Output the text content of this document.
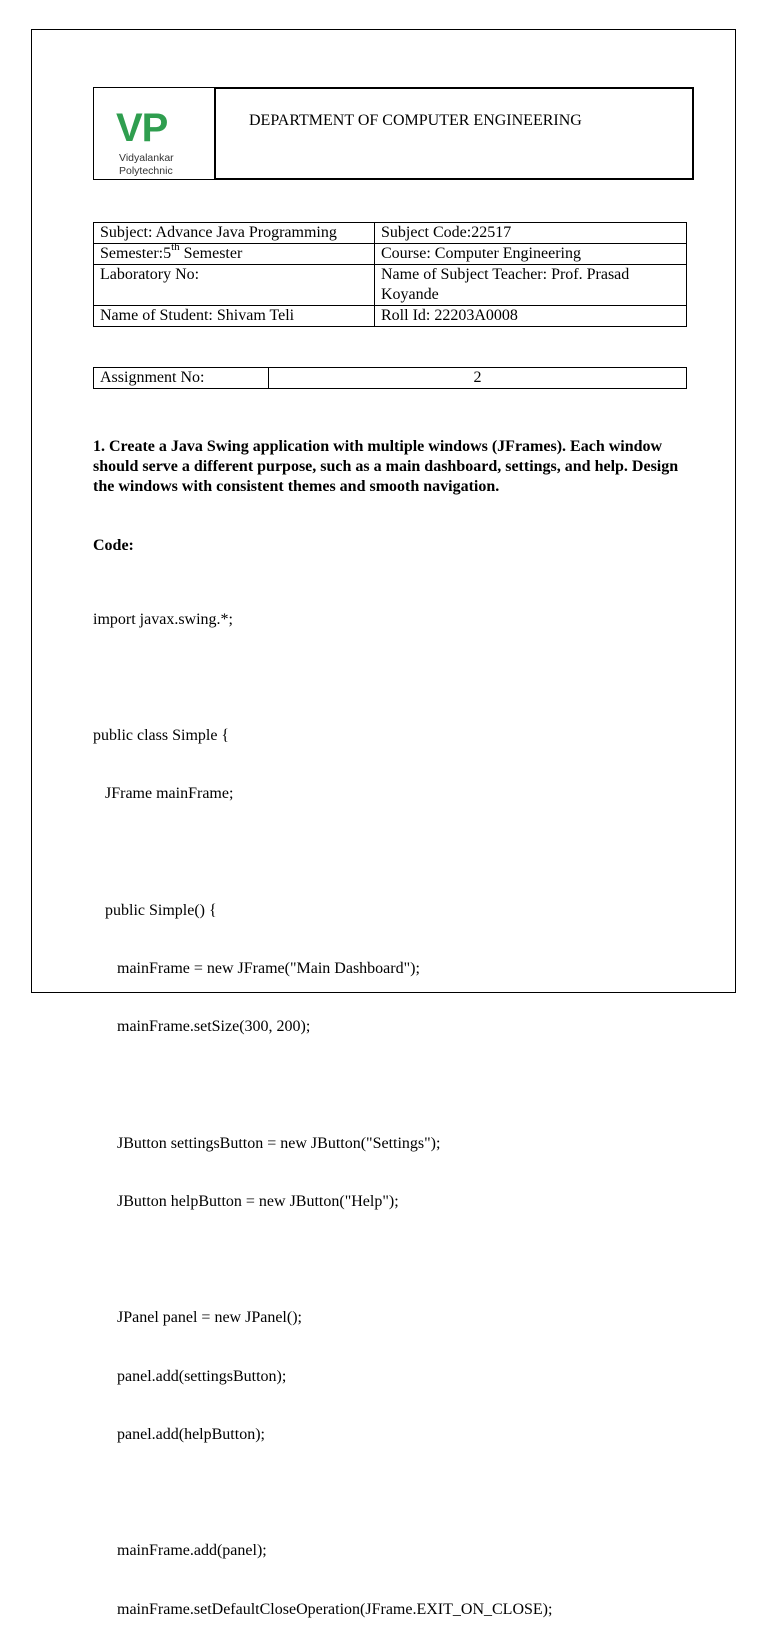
VP
Vidyalankar
Polytechnic
DEPARTMENT OF COMPUTER ENGINEERING
Subject: Advance Java Programming	Subject Code:22517
Semester:5th Semester	Course: Computer Engineering
Laboratory No:	Name of Subject Teacher: Prof. Prasad Koyande
Name of Student: Shivam Teli	Roll Id: 22203A0008
Assignment No:	2
1. Create a Java Swing application with multiple windows (JFrames). Each window should serve a different purpose, such as a main dashboard, settings, and help. Design the windows with consistent themes and smooth navigation.
Code:

import javax.swing.*;

public class Simple {

JFrame mainFrame;

public Simple() {

mainFrame = new JFrame("Main Dashboard");

mainFrame.setSize(300, 200);

JButton settingsButton = new JButton("Settings");

JButton helpButton = new JButton("Help");

JPanel panel = new JPanel();

panel.add(settingsButton);

panel.add(helpButton);

mainFrame.add(panel);

mainFrame.setDefaultCloseOperation(JFrame.EXIT_ON_CLOSE);
